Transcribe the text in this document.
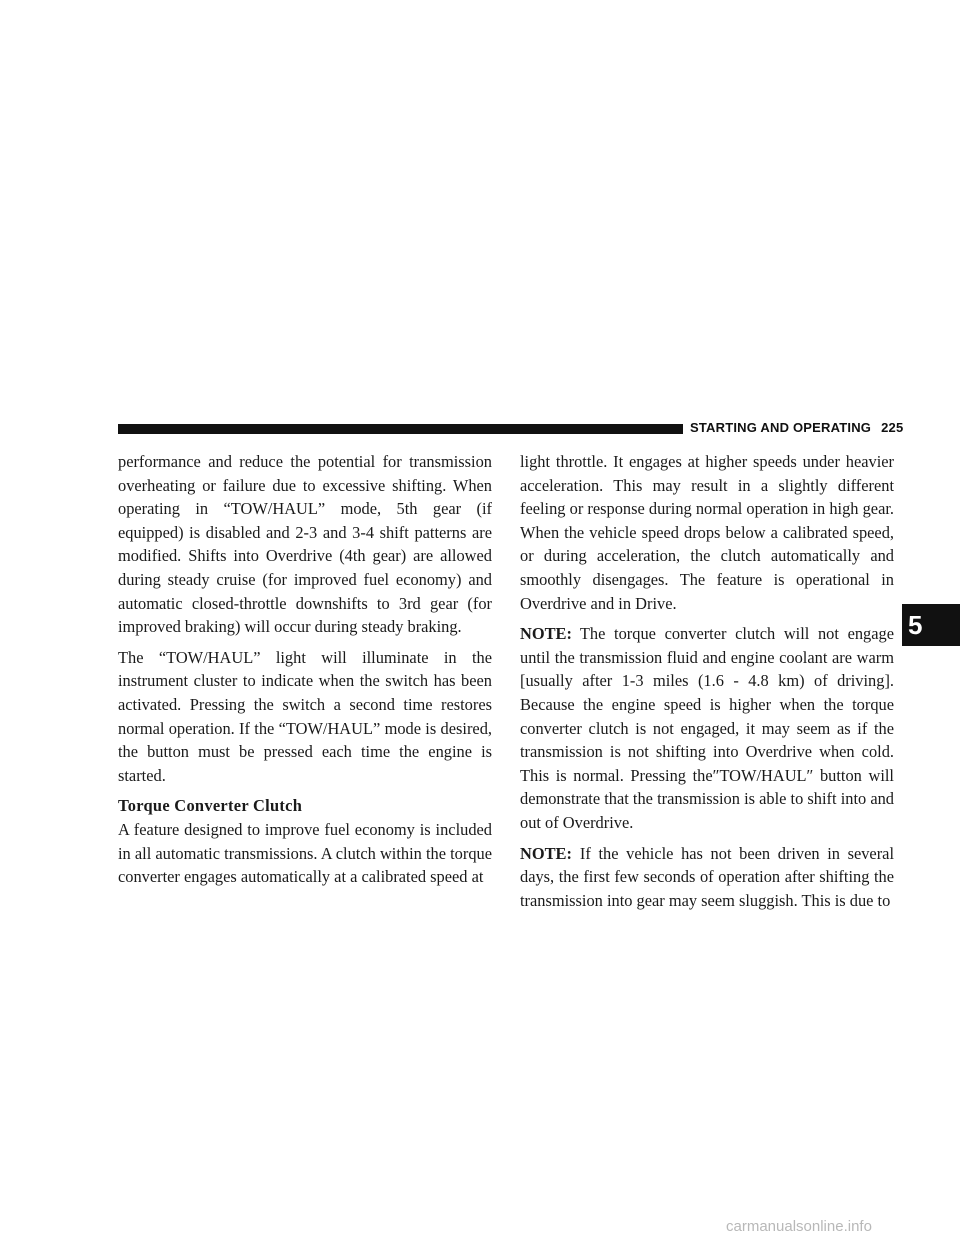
STARTING AND OPERATING 225

performance and reduce the potential for transmission overheating or failure due to excessive shifting. When operating in “TOW/HAUL” mode, 5th gear (if equipped) is disabled and 2-3 and 3-4 shift patterns are modified. Shifts into Overdrive (4th gear) are allowed during steady cruise (for improved fuel economy) and automatic closed-throttle downshifts to 3rd gear (for improved braking) will occur during steady braking.

The “TOW/HAUL” light will illuminate in the instrument cluster to indicate when the switch has been activated. Pressing the switch a second time restores normal operation. If the “TOW/HAUL” mode is desired, the button must be pressed each time the engine is started.

Torque Converter Clutch

A feature designed to improve fuel economy is included in all automatic transmissions. A clutch within the torque converter engages automatically at a calibrated speed at

light throttle. It engages at higher speeds under heavier acceleration. This may result in a slightly different feeling or response during normal operation in high gear. When the vehicle speed drops below a calibrated speed, or during acceleration, the clutch automatically and smoothly disengages. The feature is operational in Overdrive and in Drive.

NOTE: The torque converter clutch will not engage until the transmission fluid and engine coolant are warm [usually after 1-3 miles (1.6 - 4.8 km) of driving]. Because the engine speed is higher when the torque converter clutch is not engaged, it may seem as if the transmission is not shifting into Overdrive when cold. This is normal. Pressing the″TOW/HAUL″ button will demonstrate that the transmission is able to shift into and out of Overdrive.

NOTE: If the vehicle has not been driven in several days, the first few seconds of operation after shifting the transmission into gear may seem sluggish. This is due to

5
carmanualsonline.info
